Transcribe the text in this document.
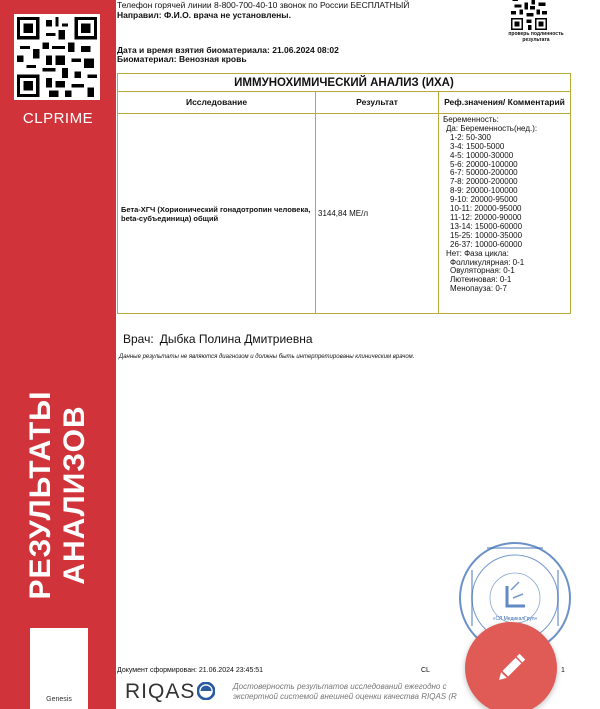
CLPRIME
РЕЗУЛЬТАТЫ АНАЛИЗОВ
Genesis
Телефон горячей линии 8-800-700-40-10 звонок по России БЕСПЛАТНЫЙ
Направил: Ф.И.О. врача не установлены.
Дата и время взятия биоматериала: 21.06.2024 08:02
Биоматериал: Венозная кровь
проверь подлинность результата
ИММУНОХИМИЧЕСКИЙ АНАЛИЗ (ИХА)
Исследование	Результат	Реф.значения/ Комментарий
Бета-ХГЧ (Хорионический гонадотропин человека, beta-субъединица) общий	3144,84 МЕ/л
Беременность:
Да: Беременность(нед.):
1-2: 50-300
3-4: 1500-5000
4-5: 10000-30000
5-6: 20000-100000
6-7: 50000-200000
7-8: 20000-200000
8-9: 20000-100000
9-10: 20000-95000
10-11: 20000-95000
11-12: 20000-90000
13-14: 15000-60000
15-25: 10000-35000
26-37: 10000-60000
Нет: Фаза цикла:
Фолликулярная: 0-1
Овуляторная: 0-1
Лютеиновая: 0-1
Менопауза: 0-7
Врач: Дыбка Полина Дмитриевна
Данные результаты не являются диагнозом и должны быть интерпретированы клиническим врачом.
«СЛ МедикалГруп»
Документ сформирован: 21.06.2024 23:45:51	CL	1
RIQAS	Достоверность результатов исследований ежегодно с
экспертной системой внешней оценки качества RIQAS (R
